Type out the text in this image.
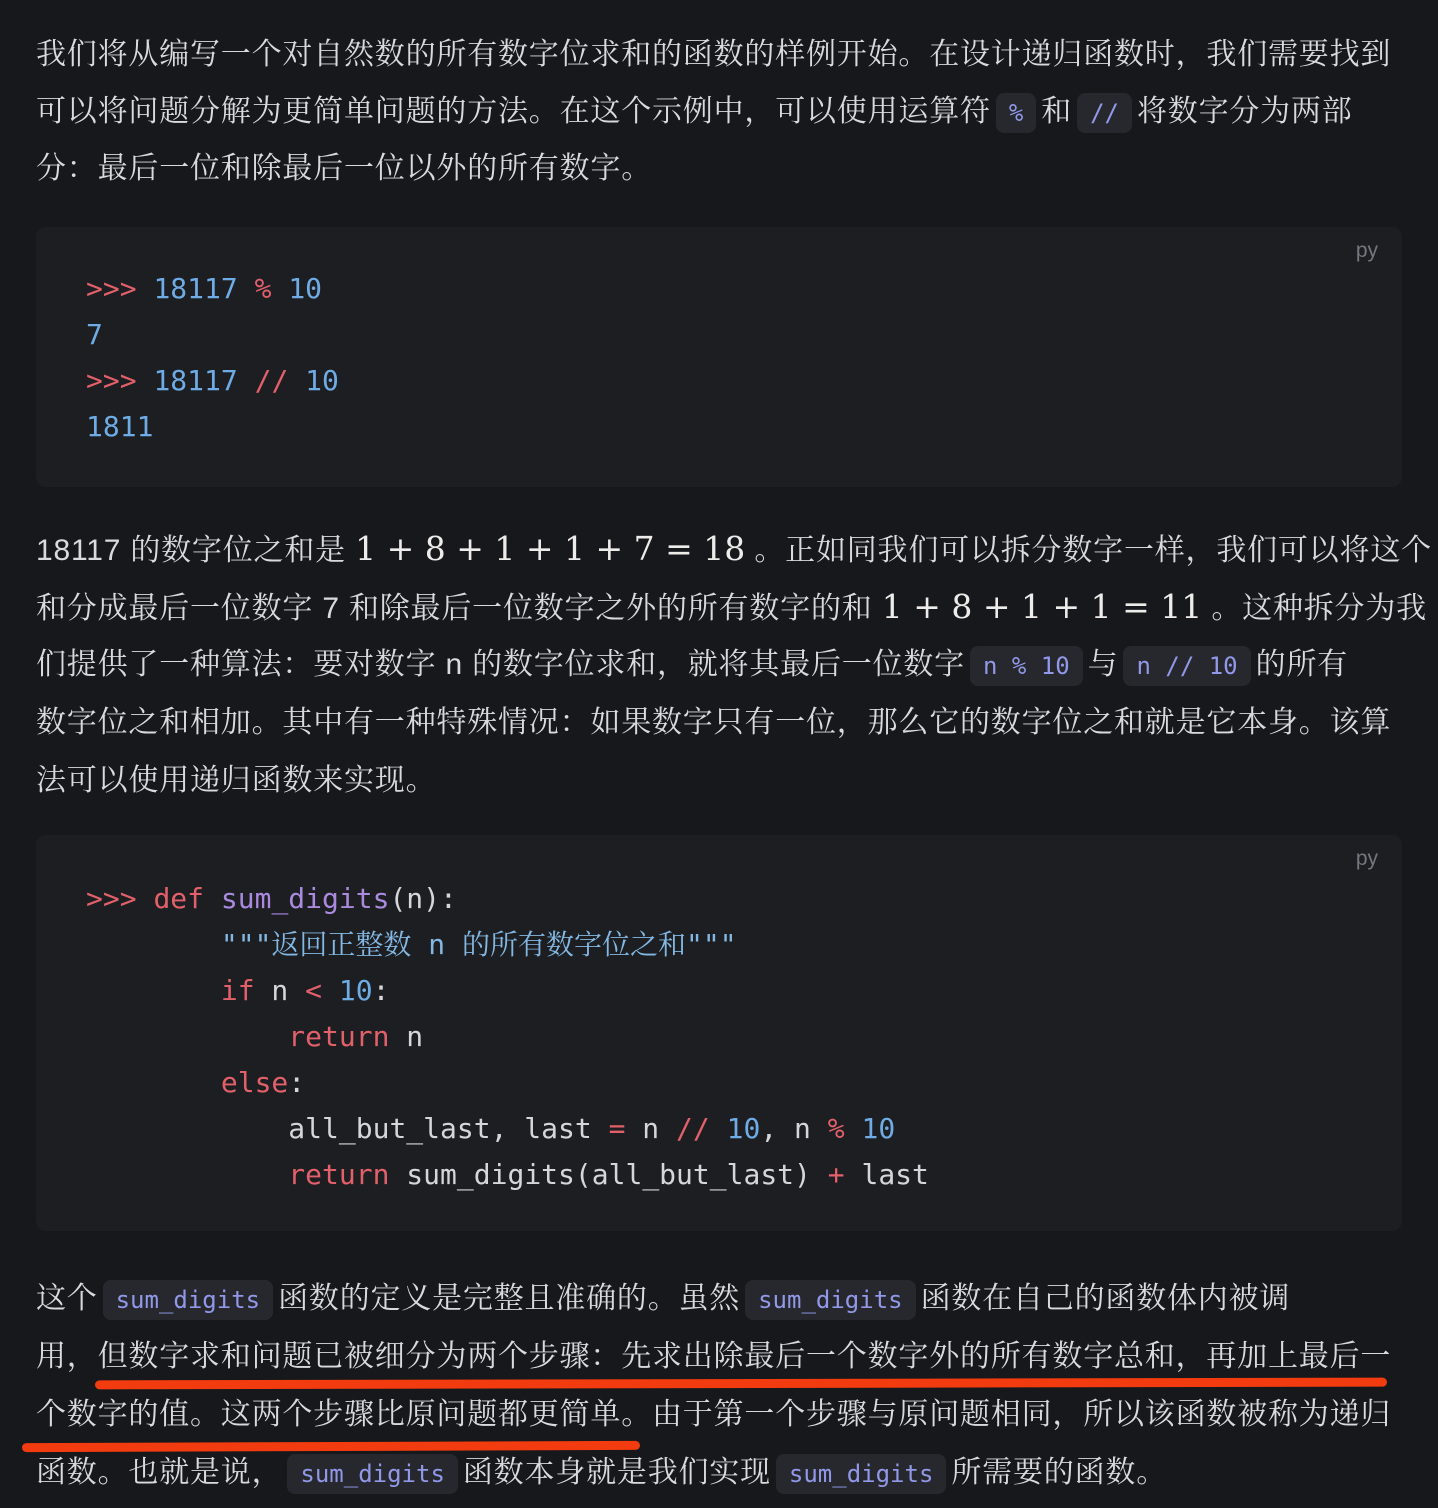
我们将从编写一个对自然数的所有数字位求和的函数的样例开始。在设计递归函数时，我们需要找到
可以将问题分解为更简单问题的方法。在这个示例中，可以使用运算符 % 和 // 将数字分为两部
分：最后一位和除最后一位以外的所有数字。
py
>>> 18117 % 10
7
>>> 18117 // 10
1811
18117 的数字位之和是 1 + 8 + 1 + 1 + 7 = 18 。正如同我们可以拆分数字一样，我们可以将这个
和分成最后一位数字 7 和除最后一位数字之外的所有数字的和 1 + 8 + 1 + 1 = 11 。这种拆分为我
们提供了一种算法：要对数字 n 的数字位求和，就将其最后一位数字 n % 10 与 n // 10 的所有
数字位之和相加。其中有一种特殊情况：如果数字只有一位，那么它的数字位之和就是它本身。该算
法可以使用递归函数来实现。
py
>>> def sum_digits(n):
"""返回正整数 n 的所有数字位之和"""
if n < 10:
return n
else:
all_but_last, last = n // 10, n % 10
return sum_digits(all_but_last) + last
这个 sum_digits 函数的定义是完整且准确的。虽然 sum_digits 函数在自己的函数体内被调
用，但数字求和问题已被细分为两个步骤：先求出除最后一个数字外的所有数字总和，再加上最后一
个数字的值。这两个步骤比原问题都更简单。由于第一个步骤与原问题相同，所以该函数被称为递归
函数。也就是说， sum_digits 函数本身就是我们实现 sum_digits 所需要的函数。
